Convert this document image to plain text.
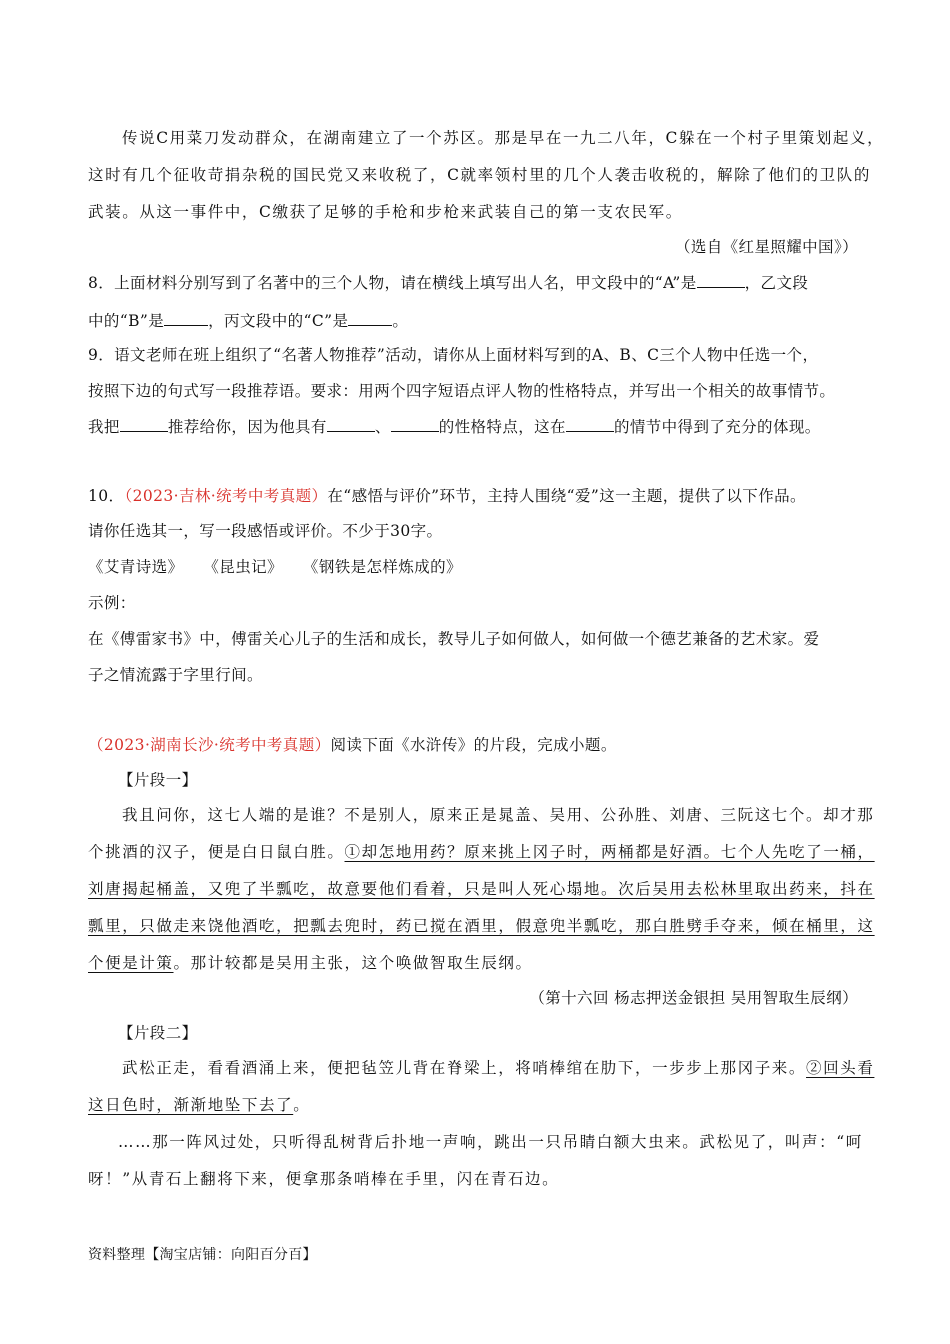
传说C用菜刀发动群众，在湖南建立了一个苏区。那是早在一九二八年，C躲在一个村子里策划起义，
这时有几个征收苛捐杂税的国民党又来收税了，C就率领村里的几个人袭击收税的，解除了他们的卫队的
武装。从这一事件中，C缴获了足够的手枪和步枪来武装自己的第一支农民军。
（选自《红星照耀中国》）
8．上面材料分别写到了名著中的三个人物，请在横线上填写出人名，甲文段中的“A”是	，乙文段
中的“B”是	，丙文段中的“C”是	。
9．语文老师在班上组织了“名著人物推荐”活动，请你从上面材料写到的A、B、C三个人物中任选一个，
按照下边的句式写一段推荐语。要求：用两个四字短语点评人物的性格特点，并写出一个相关的故事情节。
我把	推荐给你，因为他具有	、	的性格特点，这在	的情节中得到了充分的体现。
10．（2023·吉林·统考中考真题）在“感悟与评价”环节，主持人围绕“爱”这一主题，提供了以下作品。
请你任选其一，写一段感悟或评价。不少于30字。
《艾青诗选》 《昆虫记》 《钢铁是怎样炼成的》
示例：
在《傅雷家书》中，傅雷关心儿子的生活和成长，教导儿子如何做人，如何做一个德艺兼备的艺术家。爱
子之情流露于字里行间。
（2023·湖南长沙·统考中考真题）阅读下面《水浒传》的片段，完成小题。
【片段一】
我且问你，这七人端的是谁？不是别人，原来正是晁盖、吴用、公孙胜、刘唐、三阮这七个。却才那
个挑酒的汉子，便是白日鼠白胜。①却怎地用药？原来挑上冈子时，两桶都是好酒。七个人先吃了一桶，
刘唐揭起桶盖，又兜了半瓢吃，故意要他们看着，只是叫人死心塌地。次后吴用去松林里取出药来，抖在
瓢里，只做走来饶他酒吃，把瓢去兜时，药已搅在酒里，假意兜半瓢吃，那白胜劈手夺来，倾在桶里，这
个便是计策。那计较都是吴用主张，这个唤做智取生辰纲。
（第十六回 杨志押送金银担 吴用智取生辰纲）
【片段二】
武松正走，看看酒涌上来，便把毡笠儿背在脊梁上，将哨棒绾在肋下，一步步上那冈子来。②回头看
这日色时，渐渐地坠下去了。
……那一阵风过处，只听得乱树背后扑地一声响，跳出一只吊睛白额大虫来。武松见了，叫声：“呵
呀！”从青石上翻将下来，便拿那条哨棒在手里，闪在青石边。
资料整理【淘宝店铺：向阳百分百】
